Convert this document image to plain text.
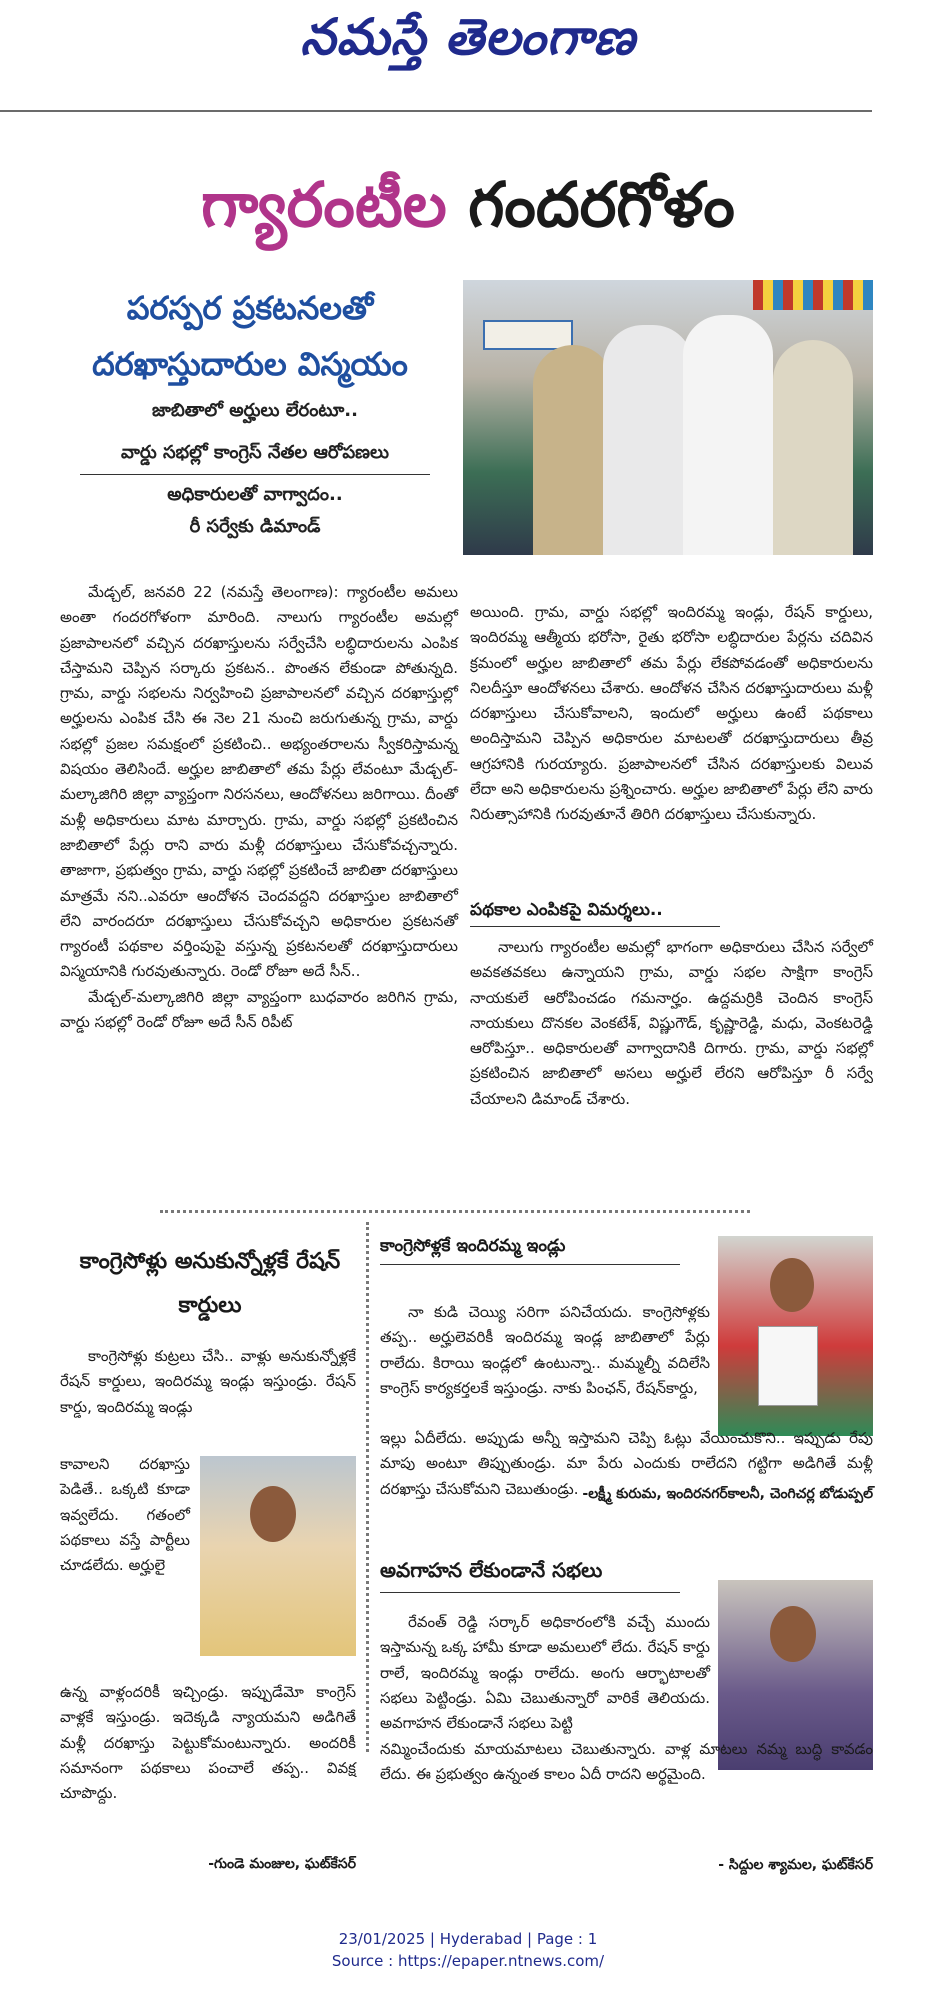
నమస్తే తెలంగాణ
గ్యారంటీల గందరగోళం
పరస్పర ప్రకటనలతో
దరఖాస్తుదారుల విస్మయం
జాబితాలో అర్హులు లేరంటూ..
వార్డు సభల్లో కాంగ్రెస్ నేతల ఆరోపణలు
అధికారులతో వాగ్వాదం..
రీ సర్వేకు డిమాండ్

మేడ్చల్, జనవరి 22 (నమస్తే తెలంగాణ): గ్యారంటీల అమలు అంతా గందరగోళంగా మారింది. నాలుగు గ్యారంటీల అమల్లో ప్రజాపాలనలో వచ్చిన దరఖాస్తులను సర్వేచేసి లబ్ధిదారులను ఎంపిక చేస్తామని చెప్పిన సర్కారు ప్రకటన.. పొంతన లేకుండా పోతున్నది. గ్రామ, వార్డు సభలను నిర్వహించి ప్రజాపాలనలో వచ్చిన దరఖాస్తుల్లో అర్హులను ఎంపిక చేసి ఈ నెల 21 నుంచి జరుగుతున్న గ్రామ, వార్డు సభల్లో ప్రజల సమక్షంలో ప్రకటించి.. అభ్యంతరాలను స్వీకరిస్తామన్న విషయం తెలిసిందే. అర్హుల జాబితాలో తమ పేర్లు లేవంటూ మేడ్చల్-మల్కాజిగిరి జిల్లా వ్యాప్తంగా నిరసనలు, ఆందోళనలు జరిగాయి. దీంతో మళ్లీ అధికారులు మాట మార్చారు. గ్రామ, వార్డు సభల్లో ప్రకటించిన జాబితాలో పేర్లు రాని వారు మళ్లీ దరఖాస్తులు చేసుకోవచ్చన్నారు. తాజాగా, ప్రభుత్వం గ్రామ, వార్డు సభల్లో ప్రకటించే జాబితా దరఖాస్తులు మాత్రమే నని..ఎవరూ ఆందోళన చెందవద్దని దరఖాస్తుల జాబితాలో లేని వారందరూ దరఖాస్తులు చేసుకోవచ్చని అధికారుల ప్రకటనతో గ్యారంటీ పథకాల వర్తింపుపై వస్తున్న ప్రకటనలతో దరఖాస్తుదారులు విస్మయానికి గురవుతున్నారు. రెండో రోజూ అదే సీన్..

మేడ్చల్-మల్కాజిగిరి జిల్లా వ్యాప్తంగా బుధవారం జరిగిన గ్రామ, వార్డు సభల్లో రెండో రోజూ అదే సీన్ రిపీట్

అయింది. గ్రామ, వార్డు సభల్లో ఇందిరమ్మ ఇండ్లు, రేషన్ కార్డులు, ఇందిరమ్మ ఆత్మీయ భరోసా, రైతు భరోసా లబ్ధిదారుల పేర్లను చదివిన క్రమంలో అర్హుల జాబితాలో తమ పేర్లు లేకపోవడంతో అధికారులను నిలదీస్తూ ఆందోళనలు చేశారు. ఆందోళన చేసిన దరఖాస్తుదారులు మళ్లీ దరఖాస్తులు చేసుకోవాలని, ఇందులో అర్హులు ఉంటే పథకాలు అందిస్తామని చెప్పిన అధికారుల మాటలతో దరఖాస్తుదారులు తీవ్ర ఆగ్రహానికి గురయ్యారు. ప్రజాపాలనలో చేసిన దరఖాస్తులకు విలువ లేదా అని అధికారులను ప్రశ్నించారు. అర్హుల జాబితాలో పేర్లు లేని వారు నిరుత్సాహానికి గురవుతూనే తిరిగి దరఖాస్తులు చేసుకున్నారు.

పథకాల ఎంపికపై విమర్శలు..

నాలుగు గ్యారంటీల అమల్లో భాగంగా అధికారులు చేసిన సర్వేలో అవకతవకలు ఉన్నాయని గ్రామ, వార్డు సభల సాక్షిగా కాంగ్రెస్ నాయకులే ఆరోపించడం గమనార్హం. ఉద్దమర్రికి చెందిన కాంగ్రెస్ నాయకులు దొనకల వెంకటేశ్, విష్ణుగౌడ్, కృష్ణారెడ్డి, మధు, వెంకటరెడ్డి ఆరోపిస్తూ.. అధికారులతో వాగ్వాదానికి దిగారు. గ్రామ, వార్డు సభల్లో ప్రకటించిన జాబితాలో అసలు అర్హులే లేరని ఆరోపిస్తూ రీ సర్వే చేయాలని డిమాండ్ చేశారు.

కాంగ్రెసోళ్లు అనుకున్నోళ్లకే రేషన్ కార్డులు

కాంగ్రెసోళ్లు కుట్రలు చేసి.. వాళ్లు అనుకున్నోళ్లకే రేషన్ కార్డులు, ఇందిరమ్మ ఇండ్లు ఇస్తుండ్రు. రేషన్ కార్డు, ఇందిరమ్మ ఇండ్లు

కావాలని దరఖాస్తు పెడితే.. ఒక్కటి కూడా ఇవ్వలేదు. గతంలో పథకాలు వస్తే పార్టీలు చూడలేదు. అర్హులై

ఉన్న వాళ్లందరికీ ఇచ్చిండ్రు. ఇప్పుడేమో కాంగ్రెస్ వాళ్లకే ఇస్తుండ్రు. ఇదెక్కడి న్యాయమని అడిగితే మళ్లీ దరఖాస్తు పెట్టుకోమంటున్నారు. అందరికీ సమానంగా పథకాలు పంచాలే తప్ప.. వివక్ష చూపొద్దు.

-గుండె మంజుల, ఘట్‌కేసర్
కాంగ్రెసోళ్లకే ఇందిరమ్మ ఇండ్లు

నా కుడి చెయ్యి సరిగా పనిచేయదు. కాంగ్రెసోళ్లకు తప్ప.. అర్హులెవరికీ ఇందిరమ్మ ఇండ్ల జాబితాలో పేర్లు రాలేదు. కిరాయి ఇండ్లలో ఉంటున్నా.. మమ్మల్నీ వదిలేసి కాంగ్రెస్ కార్యకర్తలకే ఇస్తుండ్రు. నాకు పింఛన్, రేషన్‌కార్డు,

ఇల్లు ఏదీలేదు. అప్పుడు అన్నీ ఇస్తామని చెప్పి ఓట్లు వేయించుకొని.. ఇప్పుడు రేపు మాపు అంటూ తిప్పుతుండ్రు. మా పేరు ఎందుకు రాలేదని గట్టిగా అడిగితే మళ్లీ దరఖాస్తు చేసుకోమని చెబుతుండ్రు. -లక్ష్మీ కురుమ, ఇందిరనగర్‌కాలనీ, చెంగిచర్ల బోడుప్పల్
అవగాహన లేకుండానే సభలు

రేవంత్ రెడ్డి సర్కార్ అధికారంలోకి వచ్చే ముందు ఇస్తామన్న ఒక్క హామీ కూడా అమలులో లేదు. రేషన్ కార్డు రాలే, ఇందిరమ్మ ఇండ్లు రాలేదు. అంగు ఆర్భాటాలతో సభలు పెట్టిండ్రు. ఏమి చెబుతున్నారో వారికే తెలియదు. అవగాహన లేకుండానే సభలు పెట్టి

నమ్మించేందుకు మాయమాటలు చెబుతున్నారు. వాళ్ల మాటలు నమ్మ బుద్ధి కావడం లేదు. ఈ ప్రభుత్వం ఉన్నంత కాలం ఏదీ రాదని అర్థమైంది.

- సిద్దుల శ్యామల, ఘట్‌కేసర్
23/01/2025 | Hyderabad | Page : 1
Source : https://epaper.ntnews.com/
